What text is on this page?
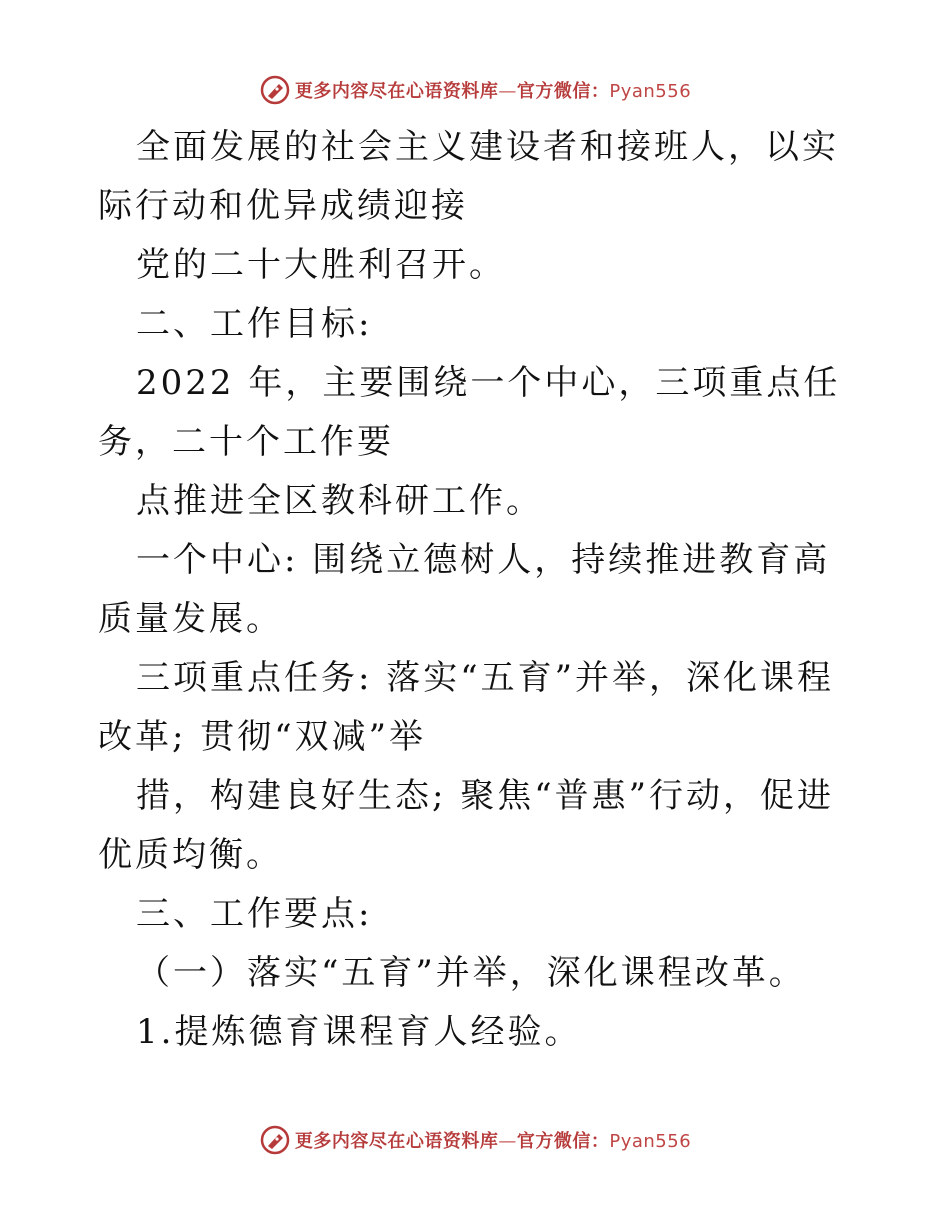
更多内容尽在心语资料库—官方微信：Pyan556

全面发展的社会主义建设者和接班人，以实际行动和优异成绩迎接

党的二十大胜利召开。

二、工作目标:

2022 年，主要围绕一个中心，三项重点任务，二十个工作要

点推进全区教科研工作。

一个中心: 围绕立德树人，持续推进教育高质量发展。

三项重点任务: 落实“五育”并举，深化课程改革; 贯彻“双减”举

措，构建良好生态; 聚焦“普惠”行动，促进优质均衡。

三、工作要点:

（一）落实“五育”并举，深化课程改革。

1.提炼德育课程育人经验。

更多内容尽在心语资料库—官方微信：Pyan556
